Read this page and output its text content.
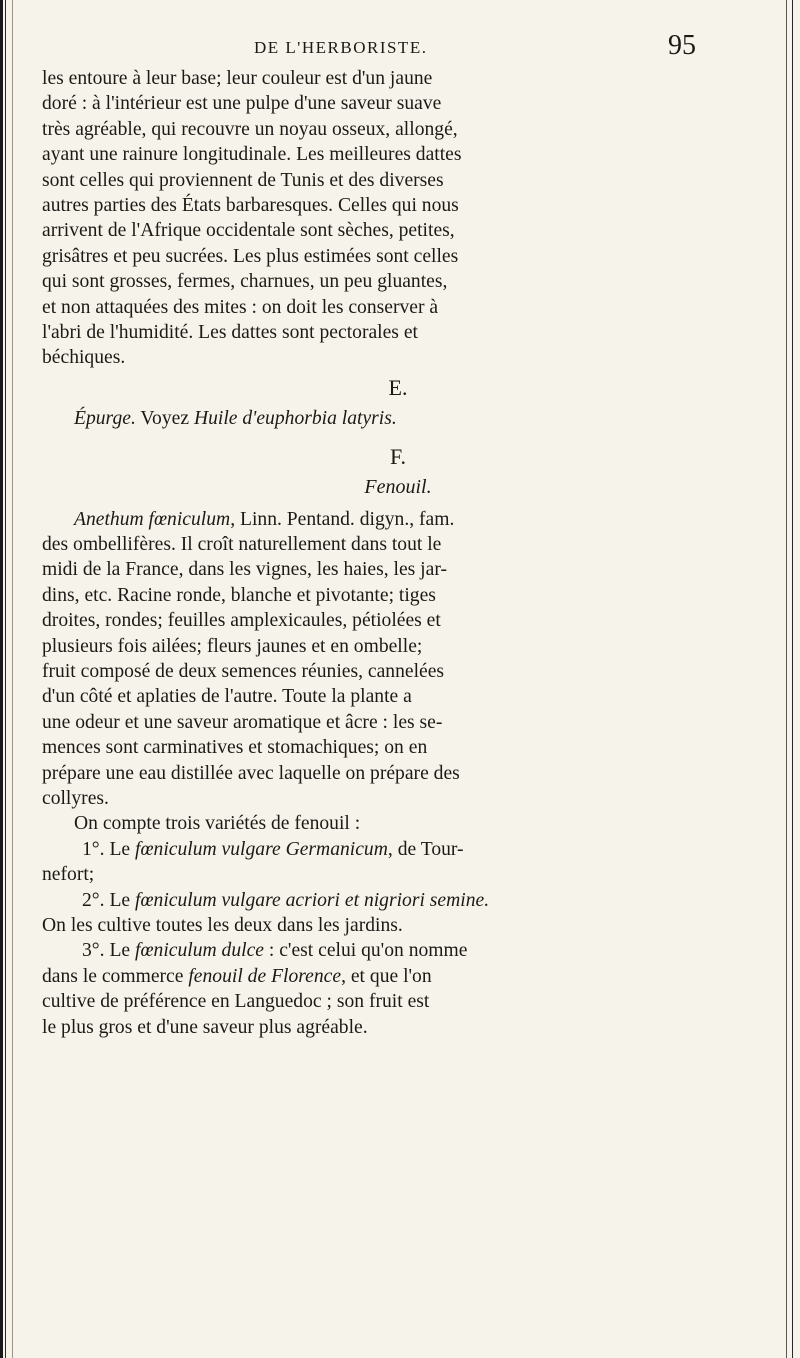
DE L'HERBORISTE.	95
les entoure à leur base; leur couleur est d'un jaune
doré : à l'intérieur est une pulpe d'une saveur suave
très agréable, qui recouvre un noyau osseux, allongé,
ayant une rainure longitudinale. Les meilleures dattes
sont celles qui proviennent de Tunis et des diverses
autres parties des États barbaresques. Celles qui nous
arrivent de l'Afrique occidentale sont sèches, petites,
grisâtres et peu sucrées. Les plus estimées sont celles
qui sont grosses, fermes, charnues, un peu gluantes,
et non attaquées des mites : on doit les conserver à
l'abri de l'humidité. Les dattes sont pectorales et
béchiques.
E.
Épurge. Voyez Huile d'euphorbia latyris.
F.
Fenouil.
Anethum fœniculum, Linn. Pentand. digyn., fam.
des ombellifères. Il croît naturellement dans tout le
midi de la France, dans les vignes, les haies, les jar-
dins, etc. Racine ronde, blanche et pivotante; tiges
droites, rondes; feuilles amplexicaules, pétiolées et
plusieurs fois ailées; fleurs jaunes et en ombelle;
fruit composé de deux semences réunies, cannelées
d'un côté et aplaties de l'autre. Toute la plante a
une odeur et une saveur aromatique et âcre : les se-
mences sont carminatives et stomachiques; on en
prépare une eau distillée avec laquelle on prépare des
collyres.
On compte trois variétés de fenouil :
1°. Le fœniculum vulgare Germanicum, de Tour-
nefort;
2°. Le fœniculum vulgare acriori et nigriori semine.
On les cultive toutes les deux dans les jardins.
3°. Le fœniculum dulce : c'est celui qu'on nomme
dans le commerce fenouil de Florence, et que l'on
cultive de préférence en Languedoc ; son fruit est
le plus gros et d'une saveur plus agréable.
